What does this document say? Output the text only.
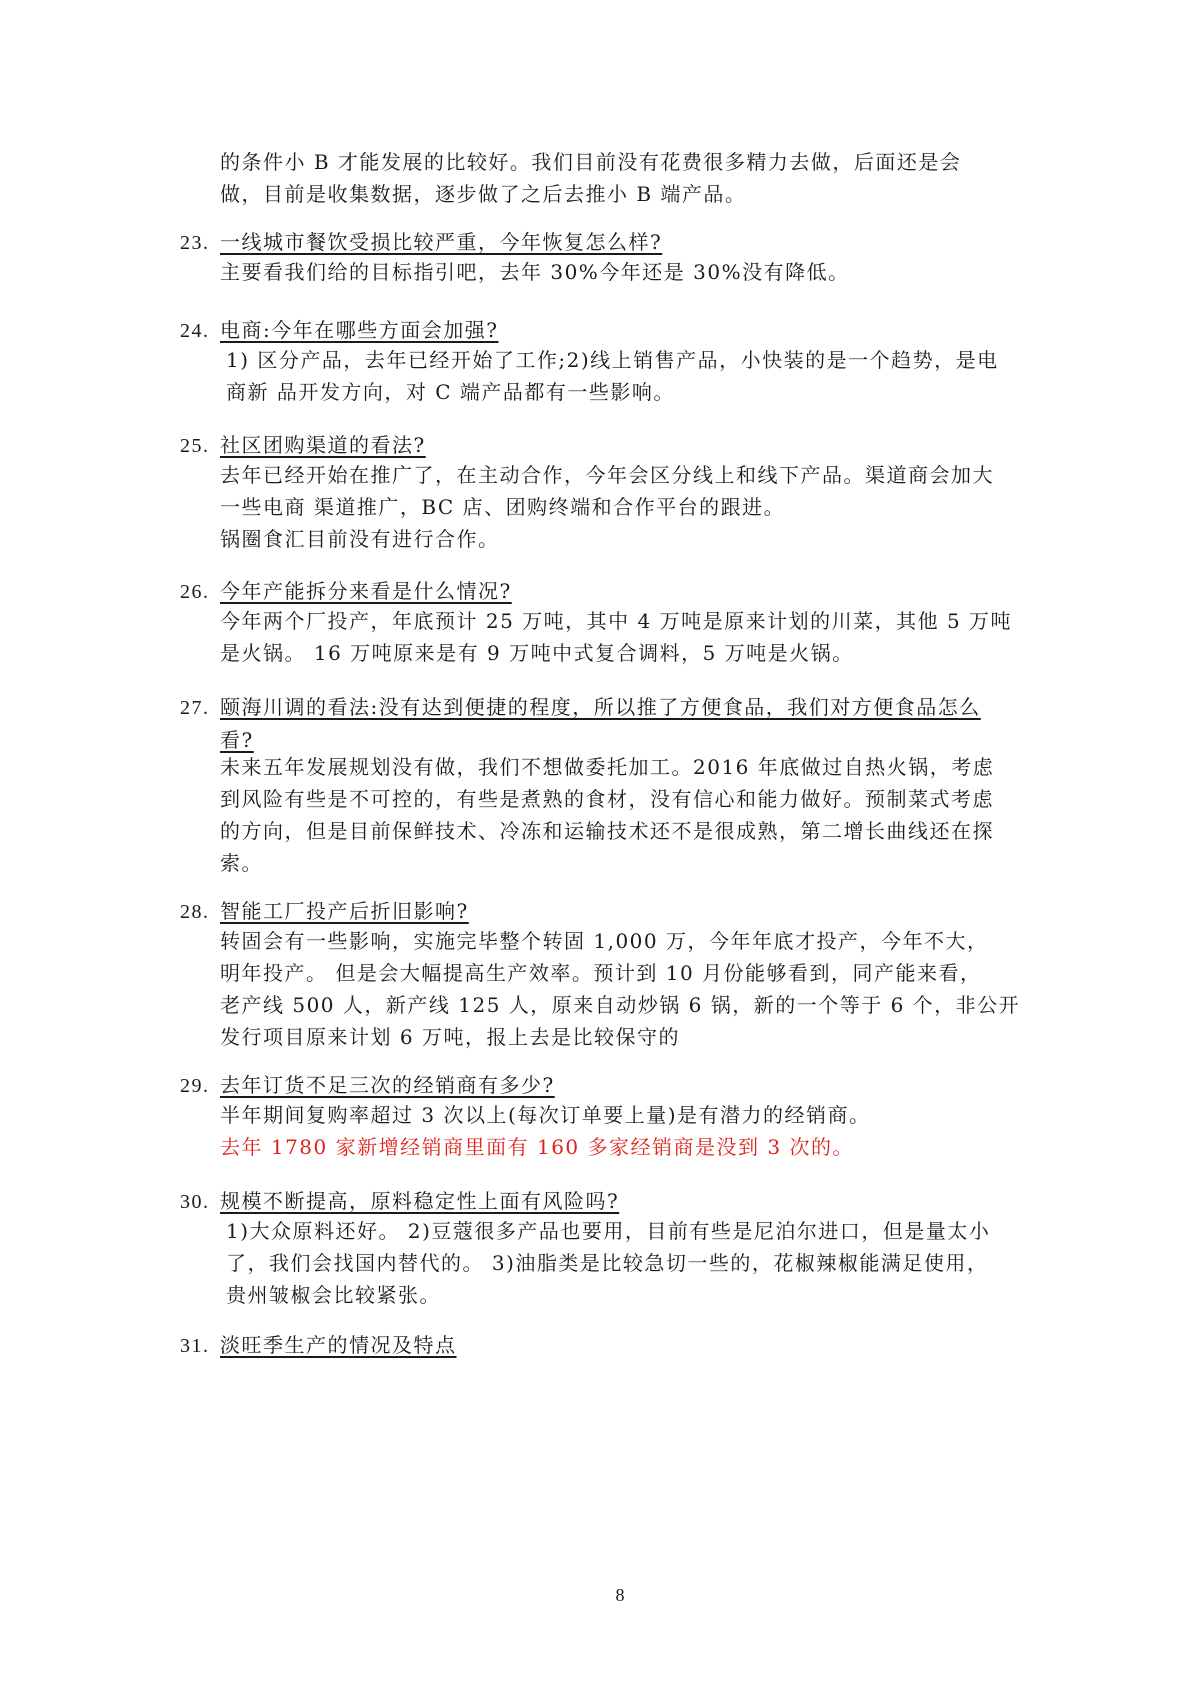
的条件小 B 才能发展的比较好。我们目前没有花费很多精力去做，后面还是会
做，目前是收集数据，逐步做了之后去推小 B 端产品。

23. 一线城市餐饮受损比较严重，今年恢复怎么样?

主要看我们给的目标指引吧，去年 30%今年还是 30%没有降低。

24. 电商:今年在哪些方面会加强?

1) 区分产品，去年已经开始了工作;2)线上销售产品，小快装的是一个趋势，是电
商新 品开发方向，对 C 端产品都有一些影响。

25. 社区团购渠道的看法?

去年已经开始在推广了，在主动合作，今年会区分线上和线下产品。渠道商会加大
一些电商 渠道推广，BC 店、团购终端和合作平台的跟进。
锅圈食汇目前没有进行合作。

26. 今年产能拆分来看是什么情况?

今年两个厂投产，年底预计 25 万吨，其中 4 万吨是原来计划的川菜，其他 5 万吨
是火锅。 16 万吨原来是有 9 万吨中式复合调料，5 万吨是火锅。

27. 颐海川调的看法:没有达到便捷的程度，所以推了方便食品，我们对方便食品怎么
看?

未来五年发展规划没有做，我们不想做委托加工。2016 年底做过自热火锅，考虑
到风险有些是不可控的，有些是煮熟的食材，没有信心和能力做好。预制菜式考虑
的方向，但是目前保鲜技术、冷冻和运输技术还不是很成熟，第二增长曲线还在探
索。

28. 智能工厂投产后折旧影响?

转固会有一些影响，实施完毕整个转固 1,000 万，今年年底才投产，今年不大，
明年投产。 但是会大幅提高生产效率。预计到 10 月份能够看到，同产能来看，
老产线 500 人，新产线 125 人，原来自动炒锅 6 锅，新的一个等于 6 个，非公开
发行项目原来计划 6 万吨，报上去是比较保守的

29. 去年订货不足三次的经销商有多少?

半年期间复购率超过 3 次以上(每次订单要上量)是有潜力的经销商。
去年 1780 家新增经销商里面有 160 多家经销商是没到 3 次的。

30. 规模不断提高，原料稳定性上面有风险吗?

1)大众原料还好。 2)豆蔻很多产品也要用，目前有些是尼泊尔进口，但是量太小
了，我们会找国内替代的。 3)油脂类是比较急切一些的，花椒辣椒能满足使用，
贵州皱椒会比较紧张。

31. 淡旺季生产的情况及特点

8
